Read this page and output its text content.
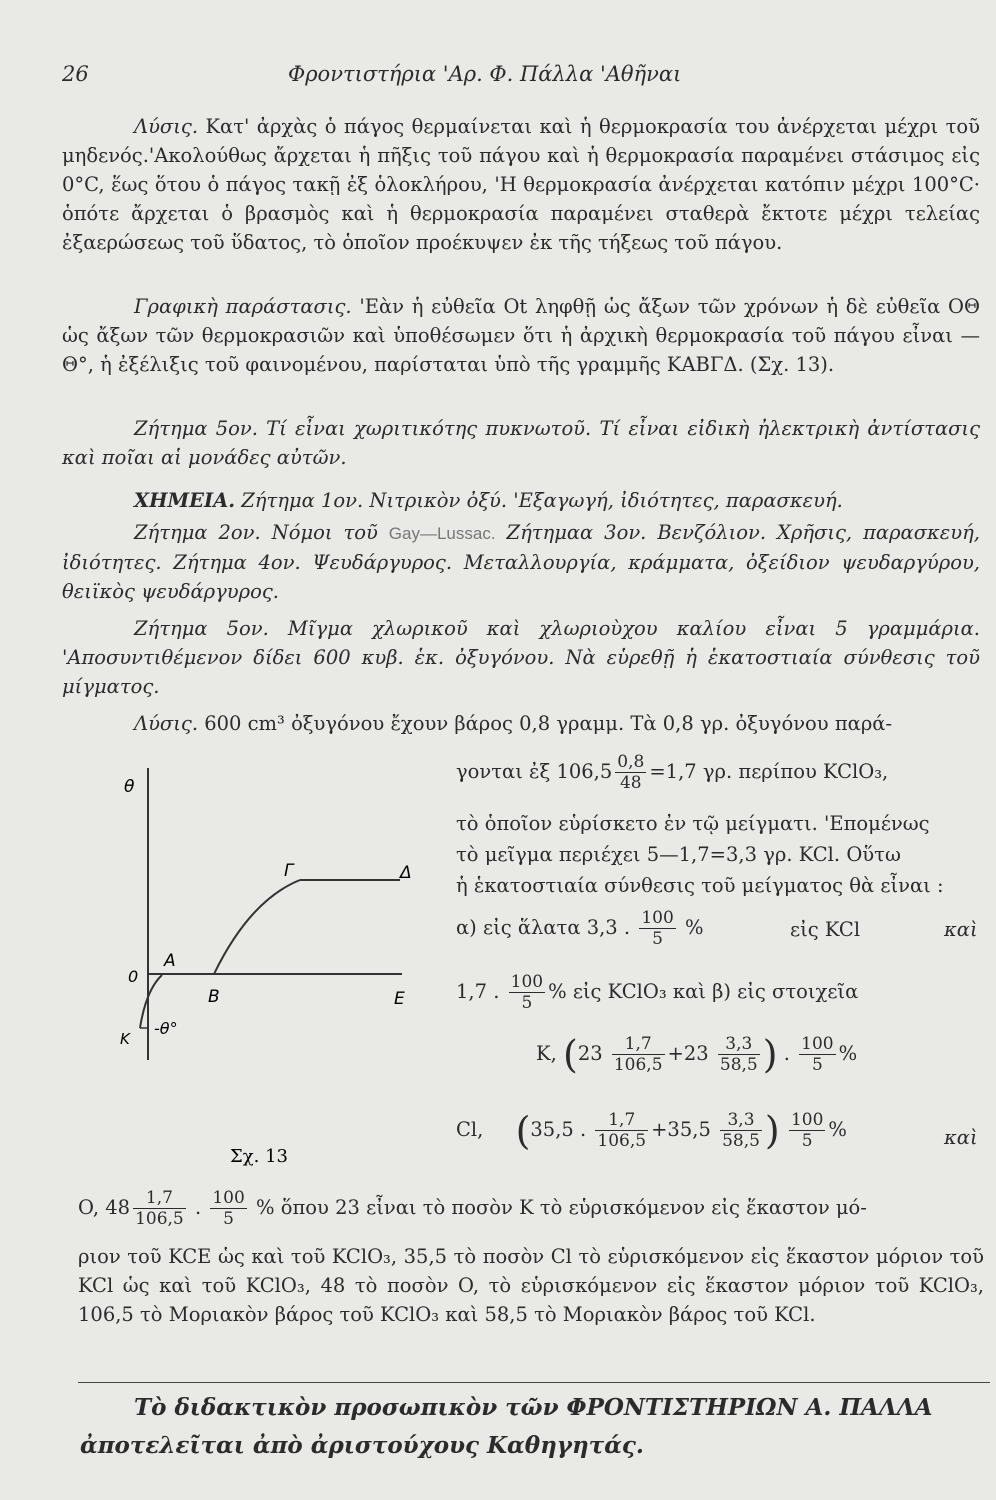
26	Φροντιστήρια 'Αρ. Φ. Πάλλα 'Αθῆναι

Λύσις. Κατ' ἀρχὰς ὁ πάγος θερμαίνεται καὶ ἡ θερμοκρασία του ἀνέρχεται μέχρι τοῦ μηδενός.'Ακολούθως ἄρχεται ἡ πῆξις τοῦ πάγου καὶ ἡ θερμοκρασία παραμένει στάσιμος εἰς 0°C, ἕως ὅτου ὁ πάγος τακῇ ἐξ ὁλοκλήρου, 'Η θερμοκρασία ἀνέρχεται κατόπιν μέχρι 100°C· ὁπότε ἄρχεται ὁ βρασμὸς καὶ ἡ θερμοκρασία παραμένει σταθερὰ ἔκτοτε μέχρι τελείας ἐξαερώσεως τοῦ ὕδατος, τὸ ὁποῖον προέκυψεν ἐκ τῆς τήξεως τοῦ πάγου.

Γραφικὴ παράστασις. 'Εὰν ἡ εὐθεῖα Οt ληφθῇ ὡς ἄξων τῶν χρόνων ἡ δὲ εὐθεῖα ΟΘ ὡς ἄξων τῶν θερμοκρασιῶν καὶ ὑποθέσωμεν ὅτι ἡ ἀρχικὴ θερμοκρασία τοῦ πάγου εἶναι —Θ°, ἡ ἐξέλιξις τοῦ φαινομένου, παρίσταται ὑπὸ τῆς γραμμῆς ΚΑΒΓΔ. (Σχ. 13).

Ζήτημα 5ον. Τί εἶναι χωριτικότης πυκνωτοῦ. Τί εἶναι εἰδικὴ ἠλεκτρικὴ ἀντίστασις καὶ ποῖαι αἱ μονάδες αὐτῶν.

ΧΗΜΕΙΑ. Ζήτημα 1ον. Νιτρικὸν ὀξύ. 'Εξαγωγή, ἰδιότητες, παρασκευή.

Ζήτημα 2ον. Νόμοι τοῦ Gay—Lussac. Ζήτημαα 3ον. Βενζόλιον. Χρῆσις, παρασκευή, ἰδιότητες. Ζήτημα 4ον. Ψευδάργυρος. Μεταλλουργία, κράμματα, ὀξείδιον ψευδαργύρου, θειϊκὸς ψευδάργυρος.

Ζήτημα 5ον. Μῖγμα χλωρικοῦ καὶ χλωριοὺχου καλίου εἶναι 5 γραμμάρια. 'Αποσυντιθέμενον δίδει 600 κυβ. ἑκ. ὀξυγόνου. Νὰ εὑρεθῇ ἡ ἑκατοστιαία σύνθεσις τοῦ μίγματος.

Λύσις. 600 cm³ ὀξυγόνου ἔχουν βάρος 0,8 γραμμ. Τὰ 0,8 γρ. ὀξυγόνου παρά-
θ
Γ	Δ
A
0
B	E
K
-θ°
Σχ. 13
γονται ἐξ $106,5 \frac{0,8}{48} =1,7$ γρ. περίπου KClO₃,
τὸ ὁποῖον εὑρίσκετο ἐν τῷ μείγματι. 'Επομένως
τὸ μεῖγμα περιέχει 5—1,7=3,3 γρ. KCl. Οὕτω
ἡ ἑκατοστιαία σύνθεσις τοῦ μείγματος θὰ εἶναι :
α) εἰς ἅλατα 3,3 . $\frac{100}{5}$ %	εἰς KCl	καὶ
1,7 . $\frac{100}{5}$ % εἰς KClO₃ καὶ β) εἰς στοιχεῖα
K, ($23 \frac{1,7}{106,5} +23 \frac{3,3}{58,5}$ ) . $\frac{100}{5}$ %
Cl, (35,5 . $\frac{1,7}{106,5} +35,5 \frac{3,3}{58,5}$ ) $\frac{100}{5}$ %	καὶ
O, $48 \frac{1,7}{106,5}$ . $\frac{100}{5}$ % ὅπου 23 εἶναι τὸ ποσὸν K τὸ εὑρισκόμενον εἰς ἕκαστον μό-

ριον τοῦ KCE ὡς καὶ τοῦ KClO₃, 35,5 τὸ ποσὸν Cl τὸ εὑρισκόμενον εἰς ἕκαστον μόριον τοῦ KCl ὡς καὶ τοῦ KClO₃, 48 τὸ ποσὸν O, τὸ εὑρισκόμενον εἰς ἕκαστον μόριον τοῦ KClO₃, 106,5 τὸ Μοριακὸν βάρος τοῦ KClO₃ καὶ 58,5 τὸ Μοριακὸν βάρος τοῦ KCl.

Τὸ διδακτικὸν προσωπικὸν τῶν ΦΡΟΝΤΙΣΤΗΡΙΩΝ Α. ΠΑΛΛΑ
ἀποτελεῖται ἀπὸ ἀριστούχους Καθηγητάς.
